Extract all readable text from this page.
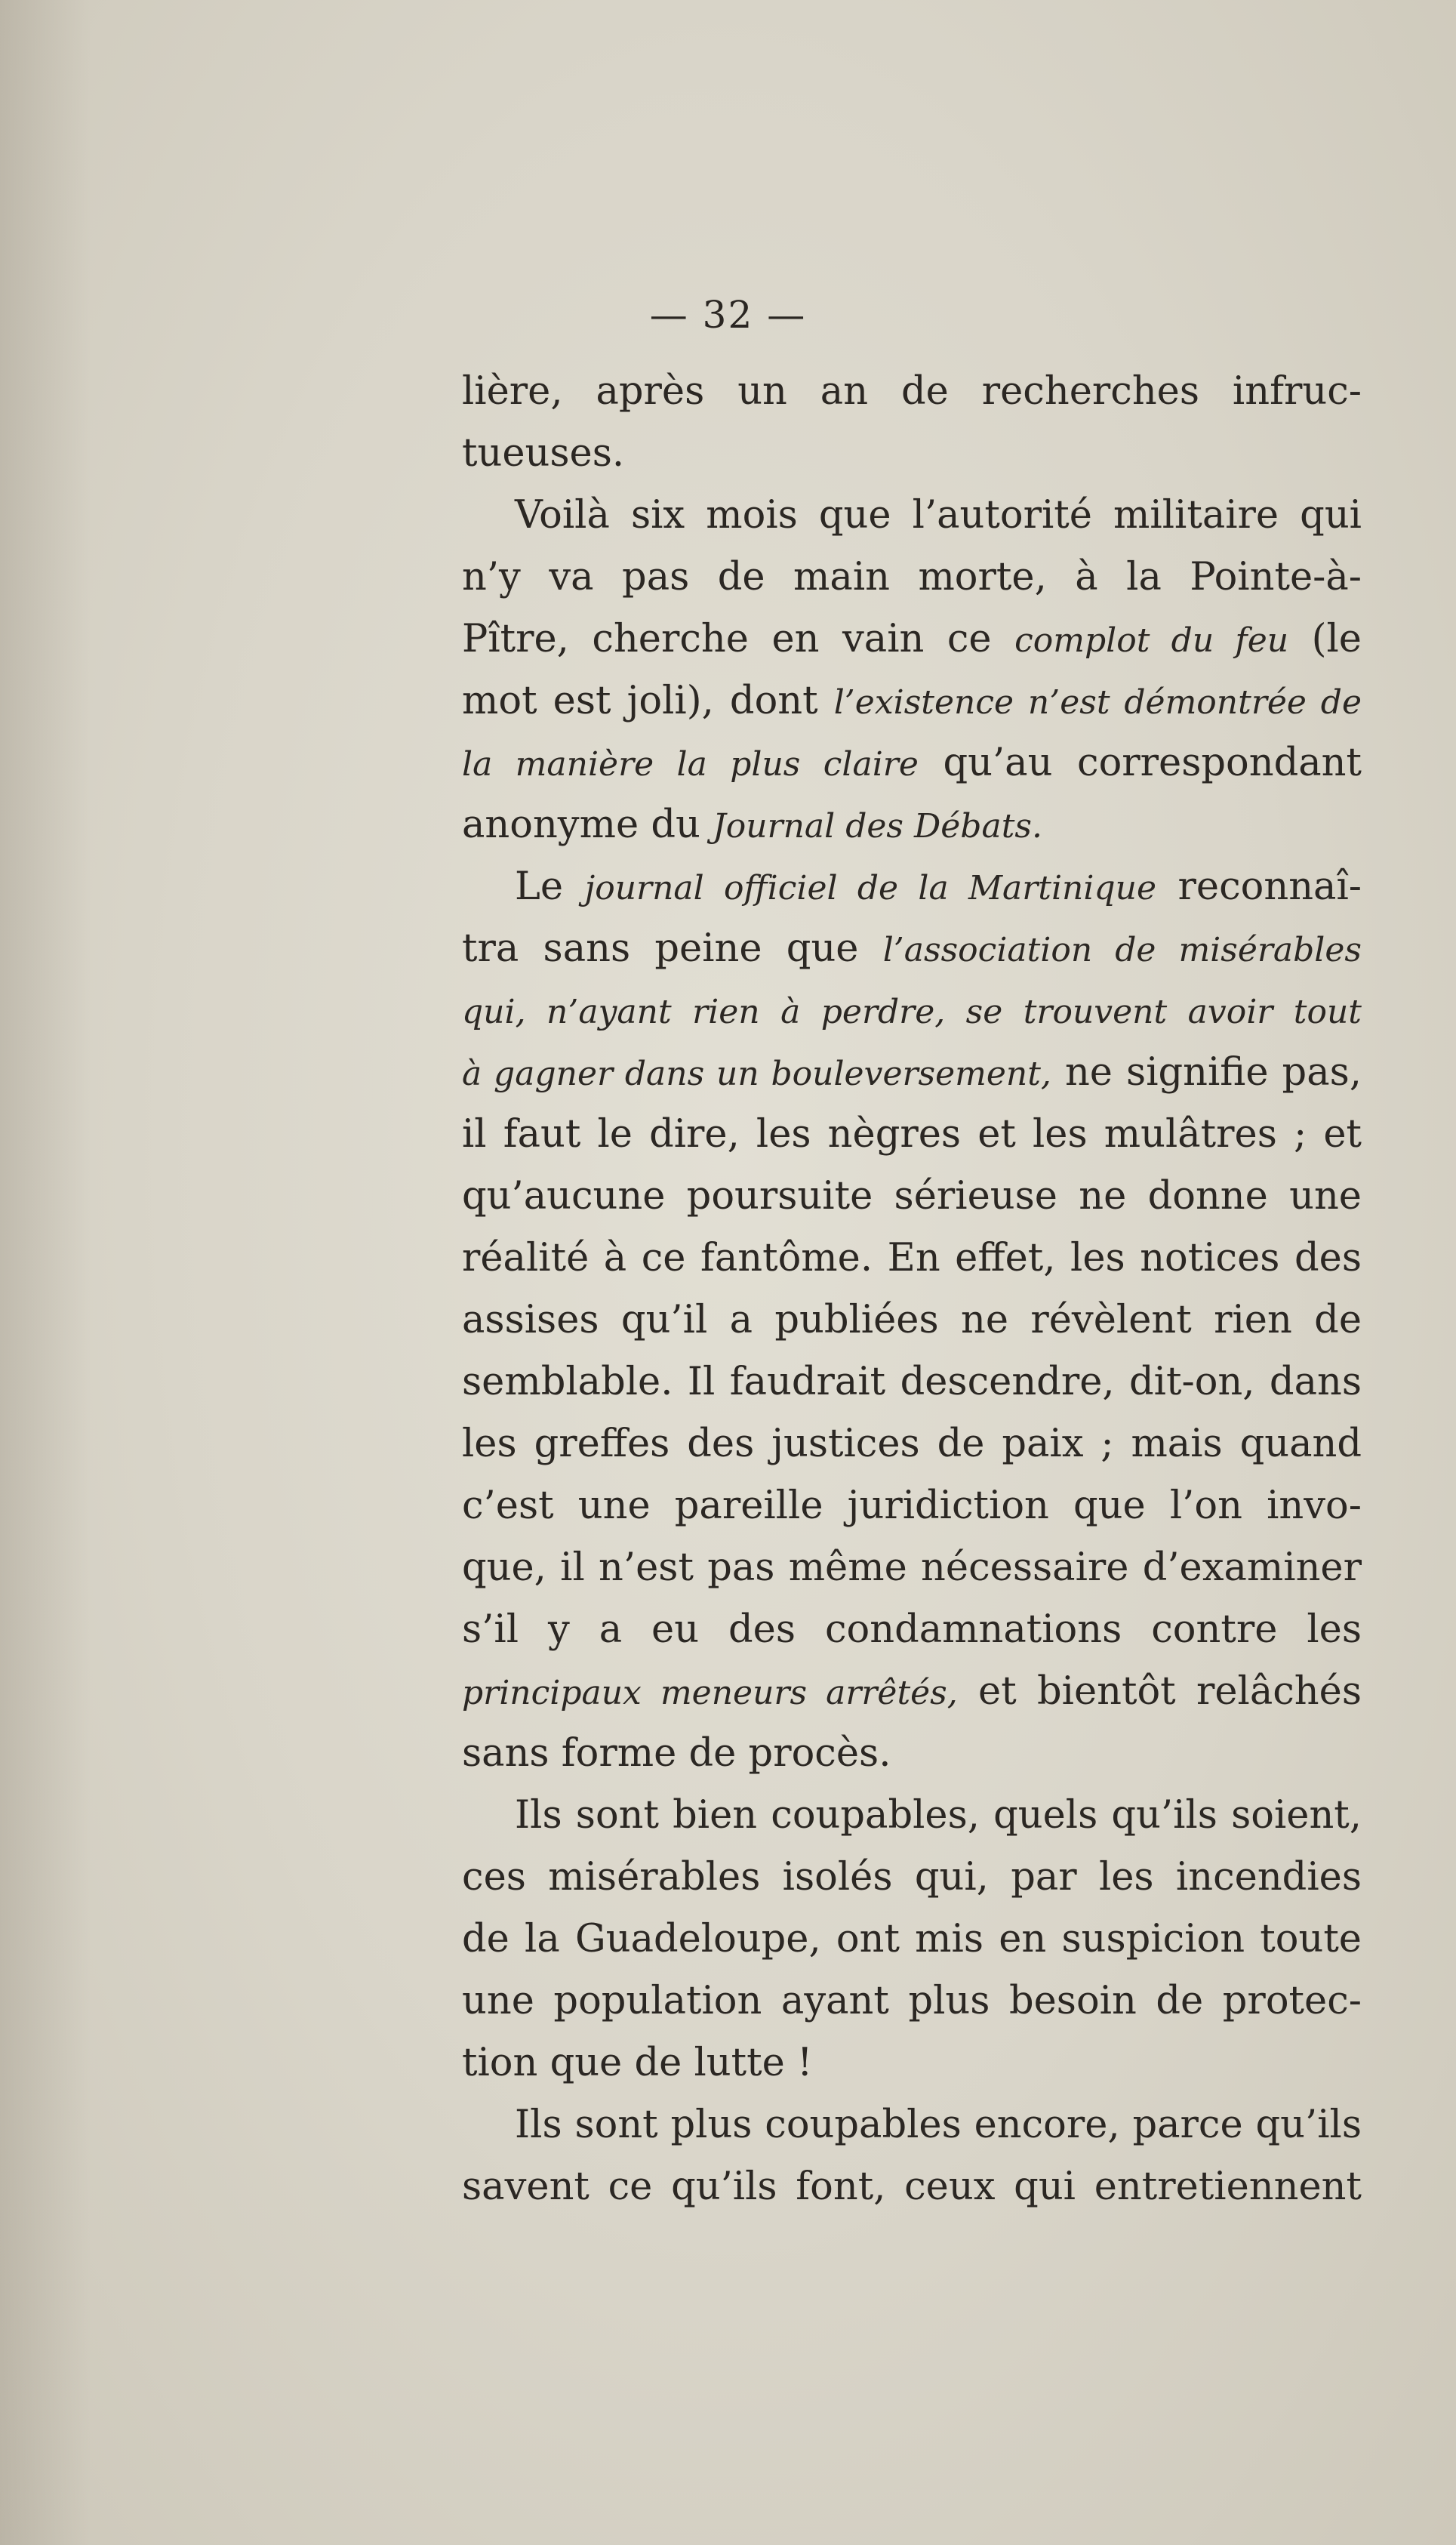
— 32 —
lière, après un an de recherches infruc-
tueuses.
Voilà six mois que l’autorité militaire qui
n’y va pas de main morte, à la Pointe-à-
Pître, cherche en vain ce complot du feu (le
mot est joli), dont l’existence n’est démontrée de
la manière la plus claire qu’au correspondant
anonyme du Journal des Débats.
Le journal officiel de la Martinique reconnaî-
tra sans peine que l’association de misérables
qui, n’ayant rien à perdre, se trouvent avoir tout
à gagner dans un bouleversement, ne signifie pas,
il faut le dire, les nègres et les mulâtres ; et
qu’aucune poursuite sérieuse ne donne une
réalité à ce fantôme. En effet, les notices des
assises qu’il a publiées ne révèlent rien de
semblable. Il faudrait descendre, dit-on, dans
les greffes des justices de paix ; mais quand
c’est une pareille juridiction que l’on invo-
que, il n’est pas même nécessaire d’examiner
s’il y a eu des condamnations contre les
principaux meneurs arrêtés, et bientôt relâchés
sans forme de procès.
Ils sont bien coupables, quels qu’ils soient,
ces misérables isolés qui, par les incendies
de la Guadeloupe, ont mis en suspicion toute
une population ayant plus besoin de protec-
tion que de lutte !
Ils sont plus coupables encore, parce qu’ils
savent ce qu’ils font, ceux qui entretiennent
